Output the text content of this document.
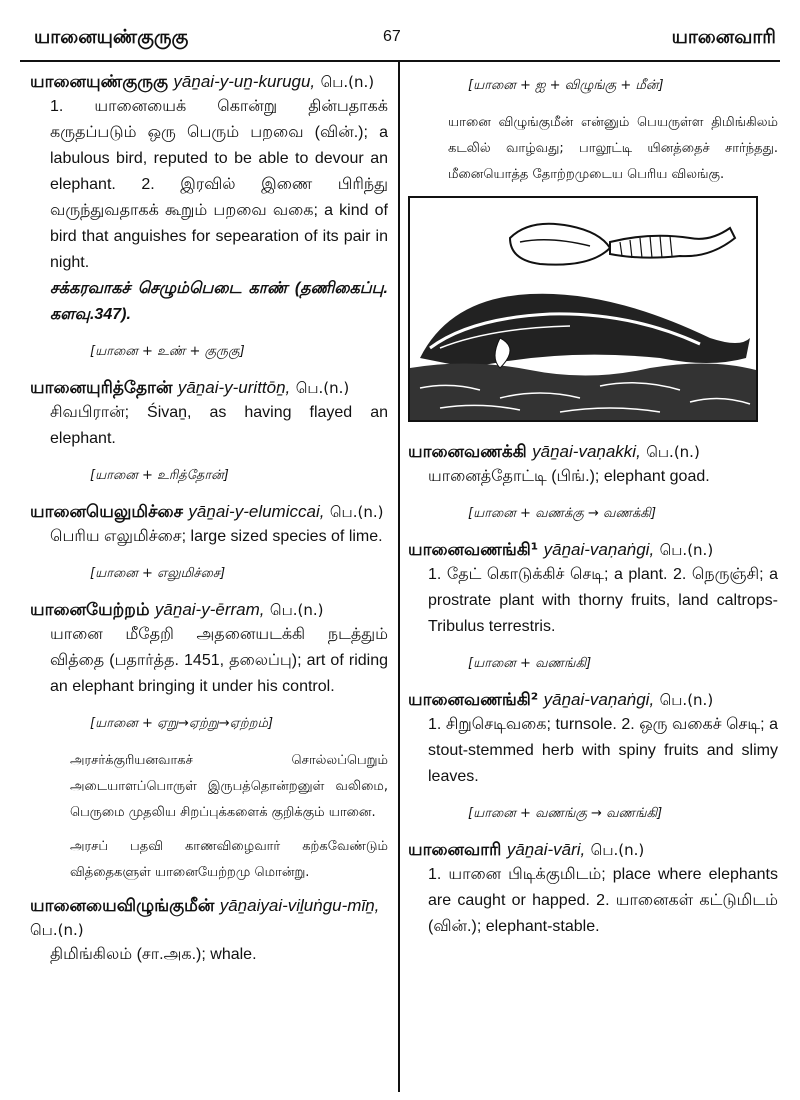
யானையுண்குருகு	67	யானைவாரி
யானையுண்குருகு yāṉai-y-uṉ-kurugu, பெ.(n.)
1. யானையைக் கொன்று தின்பதாகக் கருதப்படும் ஒரு பெரும் பறவை (வின்.); a labulous bird, reputed to be able to devour an elephant. 2. இரவில் இணை பிரிந்து வருந்துவதாகக் கூறும் பறவை வகை; a kind of bird that anguishes for sepearation of its pair in night.
சக்கரவாகச் செழும்பெடை காண் (தணிகைப்பு. களவு.347).
[யானை + உண் + குருகு]
யானையுரித்தோன் yāṉai-y-urittōṉ, பெ.(n.)
சிவபிரான்; Śivaṉ, as having flayed an elephant.
[யானை + உரித்தோன்]
யானையெலுமிச்சை yāṉai-y-elumiccai, பெ.(n.)
பெரிய எலுமிச்சை; large sized species of lime.
[யானை + எலுமிச்சை]
யானையேற்றம் yāṉai-y-ērram, பெ.(n.)
யானை மீதேறி அதனையடக்கி நடத்தும் வித்தை (பதார்த்த. 1451, தலைப்பு); art of riding an elephant bringing it under his control.
[யானை + ஏறு→ஏற்று→ஏற்றம்]
அரசர்க்குரியனவாகச் சொல்லப்பெறும் அடையாளப்பொருள் இருபத்தொன்றனுள் வலிமை, பெருமை முதலிய சிறப்புக்களைக் குறிக்கும் யானை.
அரசப் பதவி காணவிழைவார் கற்கவேண்டும் வித்தைகளுள் யானையேற்றமு மொன்று.
யானையைவிழுங்குமீன் yāṉaiyai-viḻuṅgu-mīṉ, பெ.(n.)
திமிங்கிலம் (சா.அக.); whale.
[யானை + ஐ + விழுங்கு + மீன்]
யானை விழுங்குமீன் என்னும் பெயருள்ள திமிங்கிலம் கடலில் வாழ்வது; பாலூட்டி யினத்தைச் சார்ந்தது. மீனையொத்த தோற்றமுடைய பெரிய விலங்கு.
யானைவணக்கி yāṉai-vaṇakki, பெ.(n.)
யானைத்தோட்டி (பிங்.); elephant goad.
[யானை + வணக்கு → வணக்கி]
யானைவணங்கி¹ yāṉai-vaṇaṅgi, பெ.(n.)
1. தேட் கொடுக்கிச் செடி; a plant. 2. நெருஞ்சி; a prostrate plant with thorny fruits, land caltrops-Tribulus terrestris.
[யானை + வணங்கி]
யானைவணங்கி² yāṉai-vaṇaṅgi, பெ.(n.)
1. சிறுசெடிவகை; turnsole. 2. ஒரு வகைச் செடி; a stout-stemmed herb with spiny fruits and slimy leaves.
[யானை + வணங்கு → வணங்கி]
யானைவாரி yāṉai-vāri, பெ.(n.)
1. யானை பிடிக்குமிடம்; place where elephants are caught or happed. 2. யானைகள் கட்டுமிடம் (வின்.); elephant-stable.
